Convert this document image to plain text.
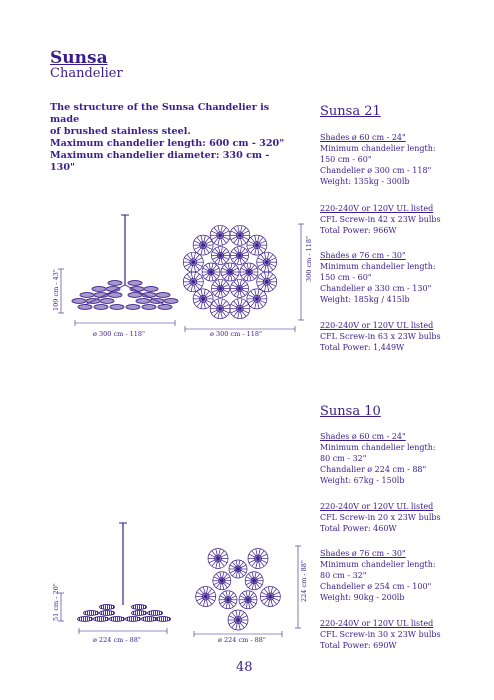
Sunsa
Chandelier
The structure of the Sunsa Chandelier is made
of brushed stainless steel.
Maximum chandelier length: 600 cm - 320"
Maximum chandelier diameter: 330 cm - 130"
Sunsa 21
Shades ø 60 cm - 24"
Minimum chandelier length:
150 cm - 60"
Chandelier ø 300 cm - 118"
Weight: 135kg - 300lb
220-240V or 120V UL listed
CFL Screw-in 42 x 23W bulbs
Total Power: 966W
Shades ø 76 cm - 30"
Minimum chandelier length:
150 cm - 60"
Chandelier ø 330 cm - 130"
Weight: 185kg / 415lb
220-240V or 120V UL listed
CFL Screw-in 63 x 23W bulbs
Total Power: 1,449W
Sunsa 10
Shades ø 60 cm - 24"
Minimum chandelier length:
80 cm - 32"
Chandalier ø 224 cm - 88"
Weight: 67kg - 150lb
220-240V or 120V UL listed
CFL Screw-in 20 x 23W bulbs
Total Power: 460W
Shades ø 76 cm - 30"
Minimum chandelier length:
80 cm - 32"
Chandelier ø 254 cm - 100"
Weight: 90kg - 200lb
220-240V or 120V UL listed
CFL Screw-in 30 x 23W bulbs
Total Power: 690W
109 cm - 43"
ø 300 cm - 118"	ø 300 cm - 118"
300 cm - 118"
51 cm - 20"
ø 224 cm - 88"	ø 224 cm - 88"
224 cm - 88"
48
